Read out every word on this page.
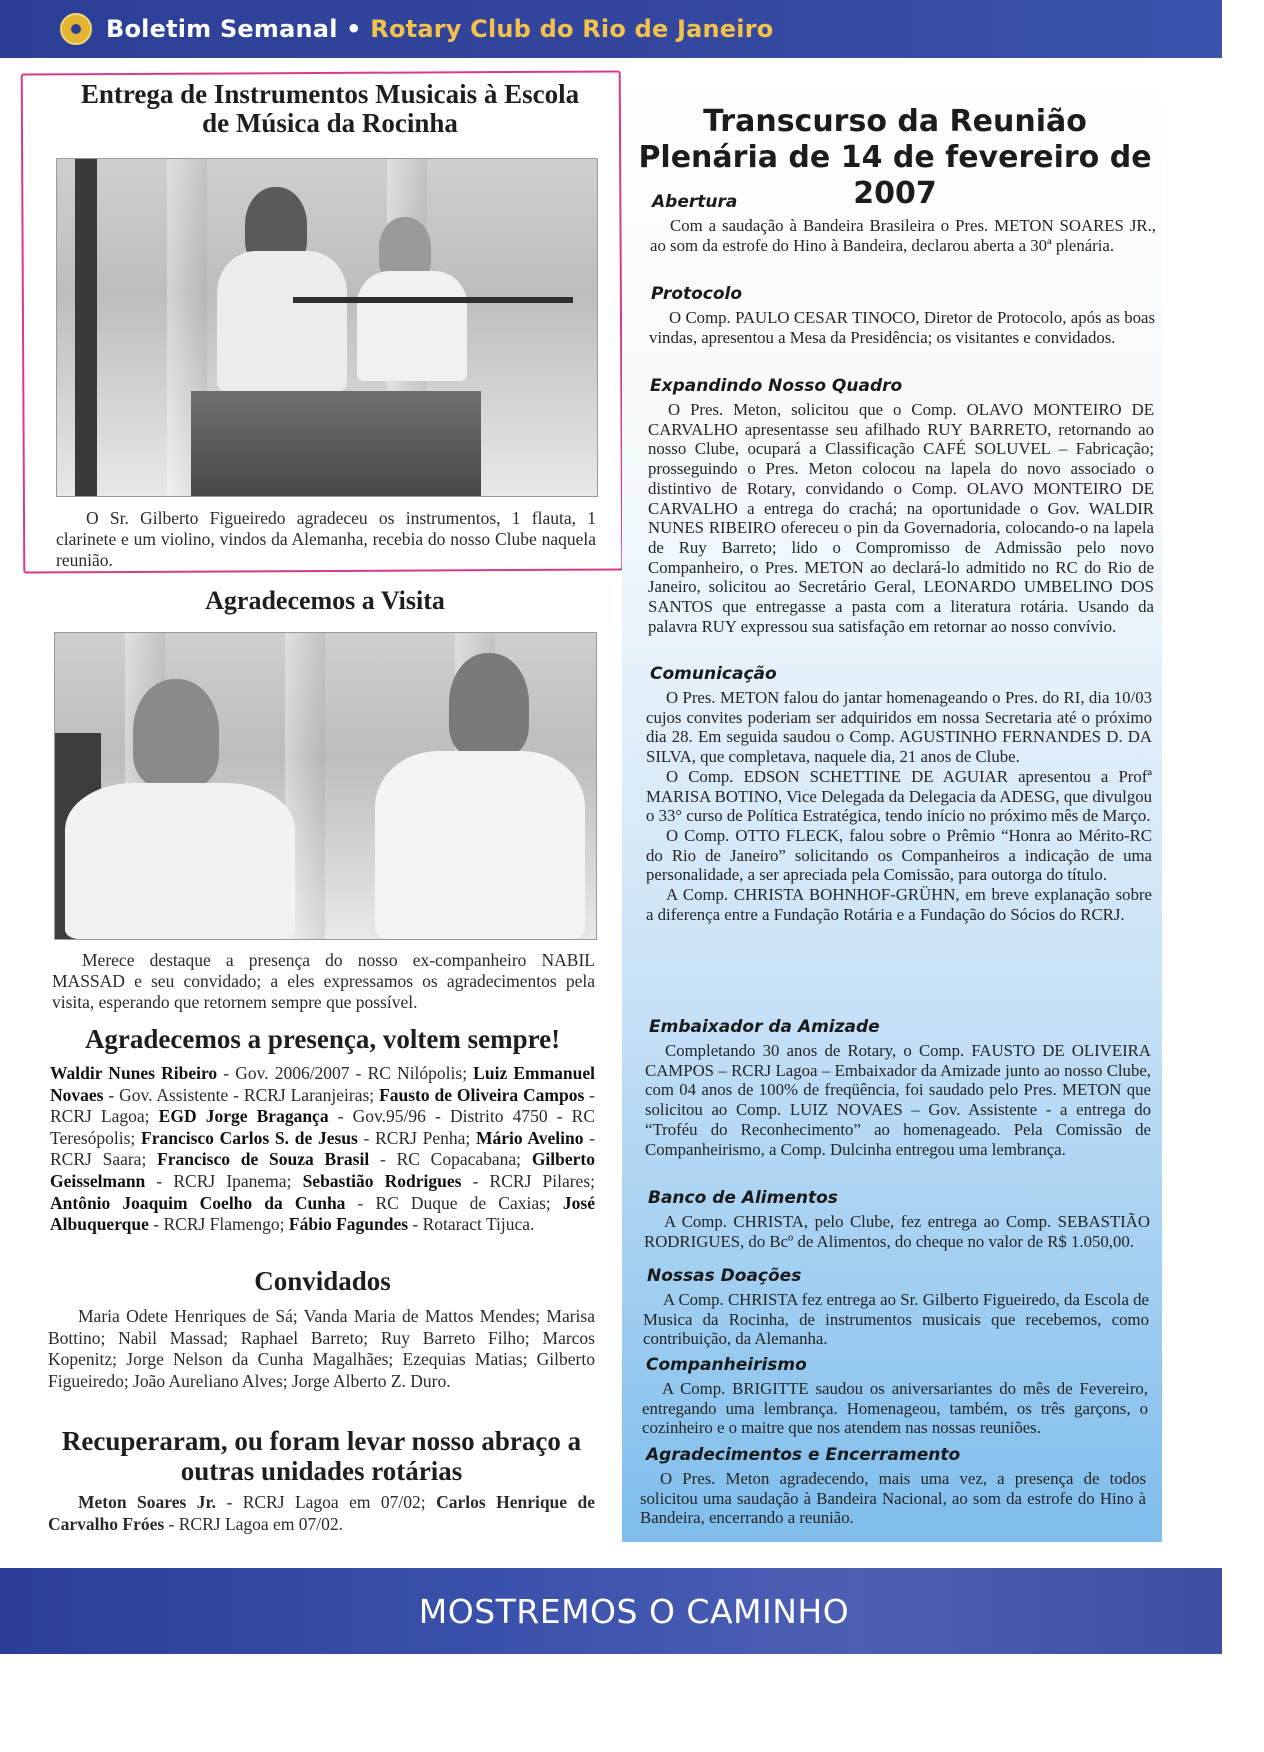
Boletim Semanal • Rotary Club do Rio de Janeiro
Entrega de Instrumentos Musicais à Escola de Música da Rocinha
O Sr. Gilberto Figueiredo agradeceu os instrumentos, 1 flauta, 1 clarinete e um violino, vindos da Alemanha, recebia do nosso Clube naquela reunião.
Agradecemos a Visita
Merece destaque a presença do nosso ex-companheiro NABIL MASSAD e seu convidado; a eles expressamos os agradecimentos pela visita, esperando que retornem sempre que possível.
Agradecemos a presença, voltem sempre!
Waldir Nunes Ribeiro - Gov. 2006/2007 - RC Nilópolis; Luiz Emmanuel Novaes - Gov. Assistente - RCRJ Laranjeiras; Fausto de Oliveira Campos - RCRJ Lagoa; EGD Jorge Bragança - Gov.95/96 - Distrito 4750 - RC Teresópolis; Francisco Carlos S. de Jesus - RCRJ Penha; Mário Avelino - RCRJ Saara; Francisco de Souza Brasil - RC Copacabana; Gilberto Geisselmann - RCRJ Ipanema; Sebastião Rodrigues - RCRJ Pilares; Antônio Joaquim Coelho da Cunha - RC Duque de Caxias; José Albuquerque - RCRJ Flamengo; Fábio Fagundes - Rotaract Tijuca.
Convidados
Maria Odete Henriques de Sá; Vanda Maria de Mattos Mendes; Marisa Bottino; Nabil Massad; Raphael Barreto; Ruy Barreto Filho; Marcos Kopenitz; Jorge Nelson da Cunha Magalhães; Ezequias Matias; Gilberto Figueiredo; João Aureliano Alves; Jorge Alberto Z. Duro.
Recuperaram, ou foram levar nosso abraço a outras unidades rotárias
Meton Soares Jr. - RCRJ Lagoa em 07/02; Carlos Henrique de Carvalho Fróes - RCRJ Lagoa em 07/02.
Transcurso da Reunião Plenária de 14 de fevereiro de 2007
Abertura

Com a saudação à Bandeira Brasileira o Pres. METON SOARES JR., ao som da estrofe do Hino à Bandeira, declarou aberta a 30ª plenária.

Protocolo

O Comp. PAULO CESAR TINOCO, Diretor de Protocolo, após as boas vindas, apresentou a Mesa da Presidência; os visitantes e convidados.

Expandindo Nosso Quadro

O Pres. Meton, solicitou que o Comp. OLAVO MONTEIRO DE CARVALHO apresentasse seu afilhado RUY BARRETO, retornando ao nosso Clube, ocupará a Classificação CAFÉ SOLUVEL – Fabricação; prosseguindo o Pres. Meton colocou na lapela do novo associado o distintivo de Rotary, convidando o Comp. OLAVO MONTEIRO DE CARVALHO a entrega do crachá; na oportunidade o Gov. WALDIR NUNES RIBEIRO ofereceu o pin da Governadoria, colocando-o na lapela de Ruy Barreto; lido o Compromisso de Admissão pelo novo Companheiro, o Pres. METON ao declará-lo admitido no RC do Rio de Janeiro, solicitou ao Secretário Geral, LEONARDO UMBELINO DOS SANTOS que entregasse a pasta com a literatura rotária. Usando da palavra RUY expressou sua satisfação em retornar ao nosso convívio.

Comunicação

O Pres. METON falou do jantar homenageando o Pres. do RI, dia 10/03 cujos convites poderiam ser adquiridos em nossa Secretaria até o próximo dia 28. Em seguida saudou o Comp. AGUSTINHO FERNANDES D. DA SILVA, que completava, naquele dia, 21 anos de Clube.

O Comp. EDSON SCHETTINE DE AGUIAR apresentou a Profª MARISA BOTINO, Vice Delegada da Delegacia da ADESG, que divulgou o 33° curso de Política Estratégica, tendo início no próximo mês de Março.

O Comp. OTTO FLECK, falou sobre o Prêmio “Honra ao Mérito-RC do Rio de Janeiro” solicitando os Companheiros a indicação de uma personalidade, a ser apreciada pela Comissão, para outorga do título.

A Comp. CHRISTA BOHNHOF-GRÜHN, em breve explanação sobre a diferença entre a Fundação Rotária e a Fundação do Sócios do RCRJ.

Embaixador da Amizade

Completando 30 anos de Rotary, o Comp. FAUSTO DE OLIVEIRA CAMPOS – RCRJ Lagoa – Embaixador da Amizade junto ao nosso Clube, com 04 anos de 100% de freqüência, foi saudado pelo Pres. METON que solicitou ao Comp. LUIZ NOVAES – Gov. Assistente - a entrega do “Troféu do Reconhecimento” ao homenageado. Pela Comissão de Companheirismo, a Comp. Dulcinha entregou uma lembrança.

Banco de Alimentos

A Comp. CHRISTA, pelo Clube, fez entrega ao Comp. SEBASTIÃO RODRIGUES, do Bcº de Alimentos, do cheque no valor de R$ 1.050,00.

Nossas Doações

A Comp. CHRISTA fez entrega ao Sr. Gilberto Figueiredo, da Escola de Musica da Rocinha, de instrumentos musicais que recebemos, como contribuição, da Alemanha.

Companheirismo

A Comp. BRIGITTE saudou os aniversariantes do mês de Fevereiro, entregando uma lembrança. Homenageou, também, os três garçons, o cozinheiro e o maitre que nos atendem nas nossas reuniões.

Agradecimentos e Encerramento

O Pres. Meton agradecendo, mais uma vez, a presença de todos solicitou uma saudação à Bandeira Nacional, ao som da estrofe do Hino à Bandeira, encerrando a reunião.

MOSTREMOS O CAMINHO
